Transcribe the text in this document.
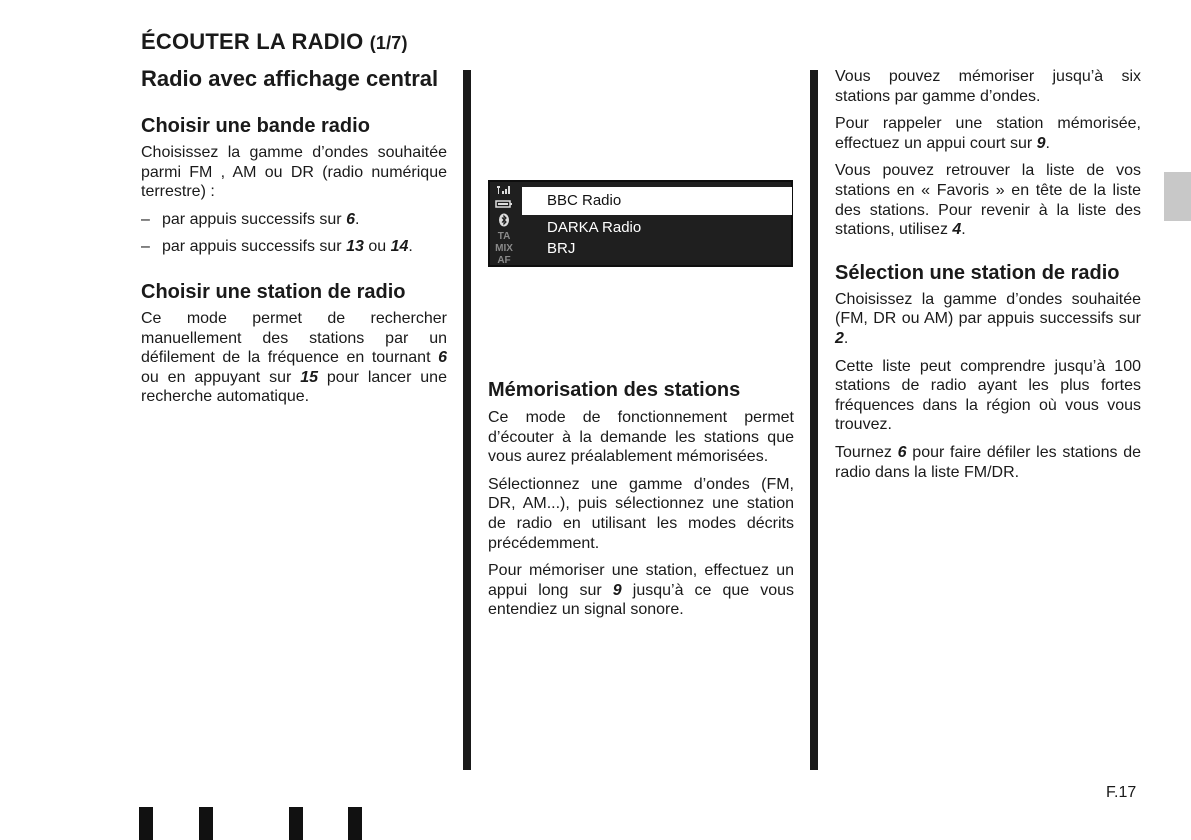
ÉCOUTER LA RADIO (1/7)
Radio avec affichage central
Choisir une bande radio

Choisissez la gamme d’ondes souhaitée parmi FM , AM ou DR (radio numérique terrestre) :

– par appuis successifs sur 6.
– par appuis successifs sur 13 ou 14.
Choisir une station de radio

Ce mode permet de rechercher manuellement des stations par un défilement de la fréquence en tournant 6 ou en appuyant sur 15 pour lancer une recherche automatique.

TA
MIX
AF
BBC Radio
DARKA Radio
BRJ
Mémorisation des stations

Ce mode de fonctionnement permet d’écouter à la demande les stations que vous aurez préalablement mémorisées.

Sélectionnez une gamme d’ondes (FM, DR, AM...), puis sélectionnez une station de radio en utilisant les modes décrits précédemment.

Pour mémoriser une station, effectuez un appui long sur 9 jusqu’à ce que vous entendiez un signal sonore.

Vous pouvez mémoriser jusqu’à six stations par gamme d’ondes.

Pour rappeler une station mémorisée, effectuez un appui court sur 9.

Vous pouvez retrouver la liste de vos stations en « Favoris » en tête de la liste des stations. Pour revenir à la liste des stations, utilisez 4.

Sélection une station de radio

Choisissez la gamme d’ondes souhaitée (FM, DR ou AM) par appuis successifs sur 2.

Cette liste peut comprendre jusqu’à 100 stations de radio ayant les plus fortes fréquences dans la région où vous vous trouvez.

Tournez 6 pour faire défiler les stations de radio dans la liste FM/DR.

F.17
